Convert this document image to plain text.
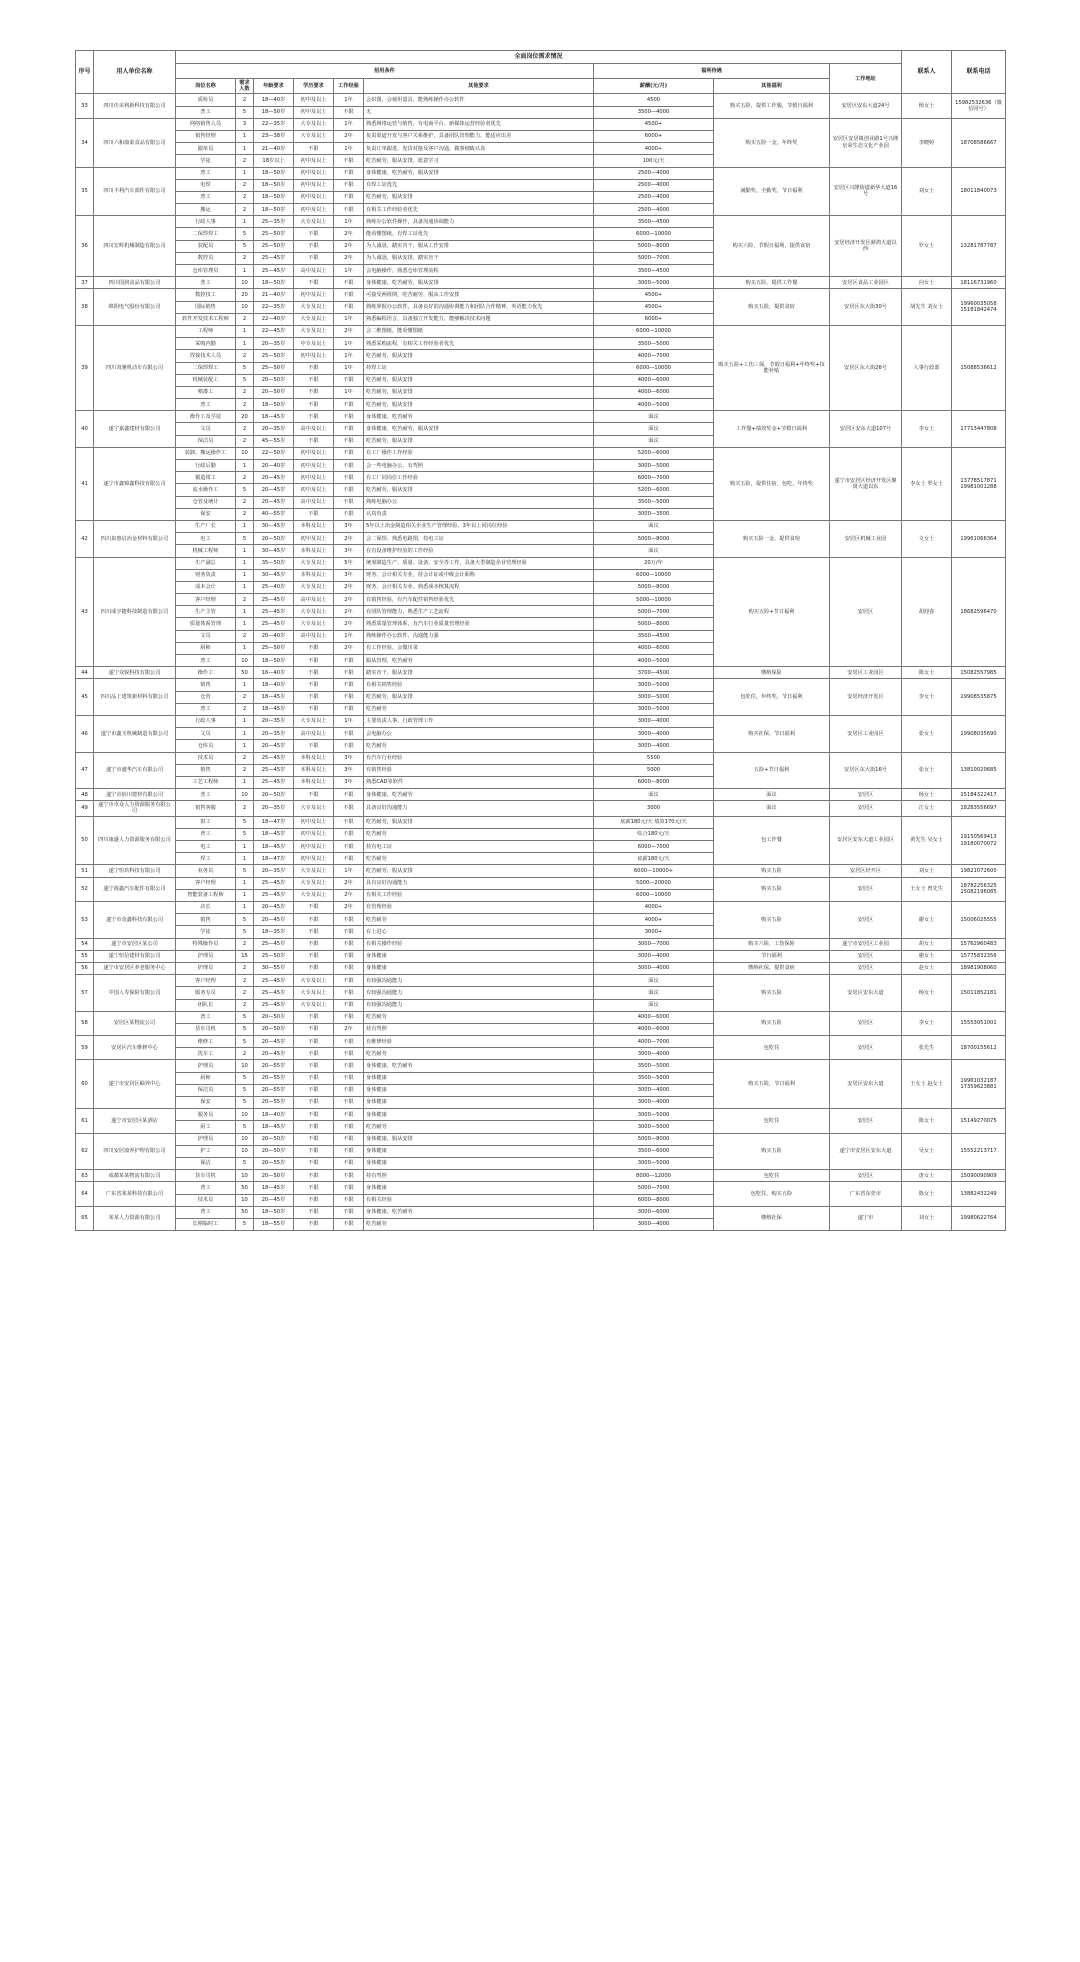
序号	用人单位名称	全面岗位需求情况									联系人	联系电话
		招用条件						福利待遇		工作地址		
		岗位名称	需求人数	年龄要求	学历要求	工作经验	其他要求	薪酬(元/月)	其他福利			
33	四川佳美利新科技有限公司	质检员	2	18—40岁	初中及以上	1年	会识图，会使用量具，能熟练操作办公软件	4500	购买五险，提供工作服，节假日福利	安居区安东大道24号	杨女士	15982532636（微信同号）
		普工	5	18—50岁	初中及以上	不限	无	3500—4000				
34	四川六和康泰食品有限公司	网络销售人员	3	22—35岁	大专及以上	1年	熟悉网络运营与销售，有电商平台、新媒体运营经验者优先	4500+	购买五险一金，年终奖	安居区安居镇创业路1号兴隆皇荣生态文化产业园	李晓婷	18708586667
		销售经理	1	23—38岁	大专及以上	2年	负责渠道开发与客户关系维护，具备团队管理能力，能适应出差	6000+				
		跟单员	1	21—40岁	不限	1年	负责订单跟进、发货对接及客户沟通，做事细致认真	4000+				
		学徒	2	18岁以上	初中及以上	不限	吃苦耐劳，服从安排，愿意学习	100元/天				
35	四川丰利汽车部件有限公司	普工	1	18—50岁	初中及以上	不限	身体健康，吃苦耐劳，服从安排	2500—4000	满勤奖、全勤奖、节日福利	安居区兴隆街道新华大道16号	刘女士	18011840073
		电焊	2	18—50岁	初中及以上	不限	有焊工证优先	2500—4000				
		普工	2	18—50岁	初中及以上	不限	吃苦耐劳，服从安排	2500—4000				
		搬运	2	18—50岁	初中及以上	不限	有相关工作经验者优先	2500—4000				
36	四川宏辉机械制造有限公司	行政人事	1	25—35岁	大专及以上	1年	熟练办公软件操作，具备沟通协调能力	3500—4500	购买六险，节假日福利，提供食宿	安居经济开发区鼎鸿大道以西	罗女士	13281787787
		二保焊焊工	5	25—50岁	不限	2年	能看懂图纸，有焊工证优先	6000—10000				
		装配员	5	25—50岁	不限	2年	为人诚恳，踏实肯干，服从工作安排	5000—8000				
		数控员	2	25—45岁	不限	2年	为人诚恳，服从安排，踏实肯干	5000—7000				
		仓库管理员	1	25—45岁	高中及以上	1年	会电脑操作，熟悉仓库管理流程	3500—4500				
37	四川国润食品有限公司	普工	10	18—50岁	不限	不限	身体健康，吃苦耐劳，服从安排	3000—5000	购买五险，提供工作餐	安居区食品工业园区	向女士	18116731960
38	绵阳电气股份有限公司	数控技工	20	21—40岁	初中及以上	不限	可接受两班倒，吃苦耐劳，服从工作安排	4500+	购买五险，提供食宿	安居区东大街30号	胡先生 刘女士	19960035058 15181842474
		国际销售	10	22—35岁	大专及以上	不限	熟练掌握办公软件，具备良好的沟通协调能力和团队合作精神，英语能力优先	4500+				
		软件开发技术工程师	2	22—40岁	大专及以上	1年	熟悉编程语言，具备独立开发能力，能够解决技术问题	6000+				
39	四川双驰机动车有限公司	工程师	1	22—45岁	大专及以上	2年	会二维图纸，能看懂图纸	6000—10000	购买五险+工伤三保，节假日福利+年终奖+技能补贴	安居区东大街26号	人事行政部	15088536612
		采购内勤	1	20—35岁	中专及以上	1年	熟悉采购流程，有相关工作经验者优先	3500—5000				
		焊接技术人员	2	25—50岁	初中及以上	1年	吃苦耐劳，服从安排	4000—7000				
		二保焊焊工	5	25—50岁	不限	1年	持焊工证	6000—10000				
		机械装配工	5	20—50岁	不限	不限	吃苦耐劳，服从安排	4000—6000				
		喷漆工	2	20—50岁	不限	1年	吃苦耐劳，服从安排	4000—6000				
		普工	2	18—50岁	不限	不限	吃苦耐劳，服从安排	4000—5000				
40	遂宁嘉鑫建材有限公司	操作工及学徒	20	18—45岁	不限	不限	身体健康，吃苦耐劳	面议	工作餐+绩效奖金+节假日福利	安居区安东大道107号	李女士	17713447808
		文员	2	20—35岁	高中及以上	不限	身体健康，吃苦耐劳，服从安排	面议				
		保洁员	2	45—55岁	不限	不限	吃苦耐劳，服从安排	面议				
41	遂宁市鑫锦鑫科技有限公司	装卸、搬运操作工	10	22—50岁	初中及以上	不限	有工厂操作工作经验	5200—6000	购买五险，提供住宿，包吃，年终奖	遂宁市安居区经济开发区聚贤大道以东	李女士 罗女士	13778517871 19981001288
		行政后勤	1	20—40岁	初中及以上	不限	会一些电脑办公，有驾照	3000—5000				
		锻造钳工	2	20—45岁	初中及以上	不限	有工厂同岗位工作经验	6000—7000				
		流水操作工	5	20—45岁	初中及以上	不限	吃苦耐劳，服从安排	5200—6000				
		仓管及统计	2	20—45岁	高中及以上	不限	熟练电脑办公	3500—5000				
		保安	2	40—55岁	不限	不限	认真负责	3000—3500				
42	四川泉惠启冶金材料有限公司	生产厂长	1	30—45岁	本科及以上	3年	5年以上冶金制造相关企业生产管理经验，3年以上同岗位经验	面议	购买五险一金，提供食宿	安居区机械工业园	文女士	19961066364
		电工	5	20—50岁	初中及以上	2年	会二保焊、熟悉电路图，持电工证	5000—8000				
		机械工程师	1	30—45岁	本科及以上	3年	在有设备维护经验的工作经验	面议				
43	四川成宇捷科技制造有限公司	生产副总	1	35—50岁	大专及以上	5年	统筹制造生产、质量、设备、安全等工作，具备大型制造企业管理经验	20万/年	购买五险+节日福利	安居区	胡迎春	18682596470
		财务负责	1	30—45岁	本科及以上	3年	财务、会计相关专业，持会计证或中级会计职称	6000—10000				
		成本会计	1	25—40岁	大专及以上	2年	财务、会计相关专业，熟悉成本核算流程	5000—8000				
		客户经理	2	25—45岁	高中及以上	2年	有销售经验，有汽车配件销售经验优先	5000—10000				
		生产主管	1	25—45岁	大专及以上	2年	有团队管理能力，熟悉生产工艺流程	5000—7000				
		质量体系管理	1	25—45岁	大专及以上	2年	熟悉质量管理体系，有汽车行业质量管理经验	5000—8000				
		文员	2	20—40岁	高中及以上	1年	熟练操作办公软件，沟通能力强	3500—4500				
		厨师	1	25—50岁	不限	2年	有工作经验，会做川菜	4000—6000				
		普工	10	18—50岁	不限	不限	服从管理，吃苦耐劳	4000—5000				
44	遂宁众锐科技有限公司	操作工	50	16—40岁	不限	不限	踏实肯干，服从安排	3700—4500	缴纳保险	安居区工业园区	陈女士	15082557985
45	四川品上建筑新材料有限公司	销售	1	18—40岁	不限	不限	有相关销售经验	3000—5000	包吃住，年终奖，节日福利	安居经济开发区	李女士	19908535875
		仓管	2	18—45岁	不限	不限	吃苦耐劳，服从安排	3000—5000				
		普工	2	18—45岁	不限	不限	吃苦耐劳	3000—5000				
46	遂宁市鑫玉机械制造有限公司	行政人事	1	20—35岁	大专及以上	1年	主要负责人事、行政管理工作	3000—4000	购买社保，节日福利	安居区工业园区	张女士	19908035690
		文员	1	20—35岁	高中及以上	不限	会电脑办公	3000—4000				
		仓库员	1	20—45岁	不限	不限	吃苦耐劳	3000—4000				
47	遂宁市盛华汽车有限公司	技术员	2	25—45岁	本科及以上	3年	有汽车行业经验	5500	五险+节日福利	安居区东大街16号	张女士	13810020685
		销售	2	25—45岁	本科及以上	3年	有销售经验	5000				
		工艺工程师	1	25—45岁	本科及以上	3年	熟悉CAD等软件	6000—8000				
48	遂宁市佰川建材有限公司	普工	10	20—50岁	不限	不限	身体健康，吃苦耐劳	面议	面议	安居区	杨女士	15184322417
49	遂宁市卓众人力资源服务有限公司	销售客服	2	20—35岁	大专及以上	不限	具备良好沟通能力	3000	面议	安居区	江女士	18283556697
50	四川康盛人力资源服务有限公司	钳工	5	18—47岁	初中及以上	不限	吃苦耐劳，服从安排	底薪180元/天 绩效170元/天	包工作餐	安居区安东大道工业园区	黄先生 吴女士	19150569413 19180070072
		普工	5	18—45岁	初中及以上	不限	吃苦耐劳	综合180元/天				
		电工	1	18—45岁	初中及以上	不限	持有电工证	6000—7000				
		焊工	1	18—47岁	初中及以上	不限	吃苦耐劳	底薪180元/天				
51	遂宁恒玖科技有限公司	业务员	5	20—35岁	大专及以上	1年	吃苦耐劳，服从安排	6000—10000+	购买五险	安居区经开区	刘女士	19821072600
52	遂宁海鑫汽车配件有限公司	客户经理	1	25—45岁	大专及以上	2年	具有良好沟通能力	5000—20000	购买五险	安居区	王女士 曾先生	18782256325 15082196085
		智能装备工程师	1	25—45岁	大专及以上	2年	有相关工作经验	6000—10000				
53	遂宁市众鑫科技有限公司	店长	1	20—45岁	不限	2年	有管理经验	4000+	购买五险	安居区	谢女士	15006025555
		销售	5	20—45岁	不限	不限	吃苦耐劳	4000+				
		学徒	5	18—35岁	不限	不限	有上进心	3000+				
54	遂宁市安居区某公司	特殊操作员	2	25—45岁	不限	不限	有相关操作经验	3000—7000	购买六险，工伤保险	遂宁市安居区工业园	胡女士	15762960483
55	遂宁恒信建材有限公司	护理员	15	25—50岁	不限	不限	身体健康	3000—4000	节日福利	安居区	谢女士	15775832356
56	遂宁市安居区养老服务中心	护理员	2	30—55岁	不限	不限	身体健康	3000—4000	缴纳社保，提供食宿	安居区	赵女士	18981908060
57	中国人寿保险有限公司	客户经理	2	25—45岁	大专及以上	不限	有较强沟通能力	面议	购买五险	安居区安东大道	杨女士	15011852181
		服务专员	2	25—45岁	大专及以上	不限	有较强沟通能力	面议				
		团队长	2	25—45岁	大专及以上	不限	有较强沟通能力	面议				
58	安居区某物流公司	普工	5	20—50岁	不限	不限	吃苦耐劳	4000—6000	购买五险	安居区	李女士	15553051001
		货车司机	5	20—50岁	不限	2年	持有驾照	4000—6000				
59	安居区汽车维修中心	维修工	5	20—45岁	不限	不限	有维修经验	4000—7000	包吃住	安居区	张先生	18700155612
		洗车工	2	20—45岁	不限	不限	吃苦耐劳	3000—4000				
60	遂宁市安居区颐养中心	护理员	10	20—55岁	不限	不限	身体健康，吃苦耐劳	3500—5000	购买五险，节日福利	安居区安东大道	王女士 赵女士	19961032187 17359623881
		厨师	5	20—55岁	不限	不限	身体健康	3500—5000				
		保洁员	5	20—55岁	不限	不限	身体健康	3000—4000				
		保安	5	20—55岁	不限	不限	身体健康	3000—4000				
61	遂宁市安居区某酒店	服务员	10	18—40岁	不限	不限	身体健康	3000—5000	包吃住	安居区	陈女士	15149270075
		厨工	5	18—45岁	不限	不限	吃苦耐劳	3000—5000				
62	四川安居康养护理有限公司	护理员	10	20—50岁	不限	不限	身体健康，服从安排	5000—8000	购买五险	遂宁市安居区安东大道	吴女士	15552213717
		护工	10	20—50岁	不限	不限	身体健康	3500—6000				
		保洁	5	20—55岁	不限	不限	身体健康	3000—5000				
63	成都某某物流有限公司	货车司机	10	20—50岁	不限	不限	持有驾照	8000—12000	包吃住	安居区	唐女士	15090090909
64	广东省某某科技有限公司	普工	50	18—45岁	不限	不限	身体健康	5000—7000	包吃住，购买五险	广东省东莞市	陈女士	13882432249
		技术员	10	20—45岁	不限	不限	有相关经验	6000—8000				
65	某某人力资源有限公司	普工	50	18—50岁	不限	不限	身体健康，吃苦耐劳	3000—6000	缴纳社保	遂宁市	刘女士	19980622764
		长期临时工	5	18—55岁	不限	不限	吃苦耐劳	3000—4000				
